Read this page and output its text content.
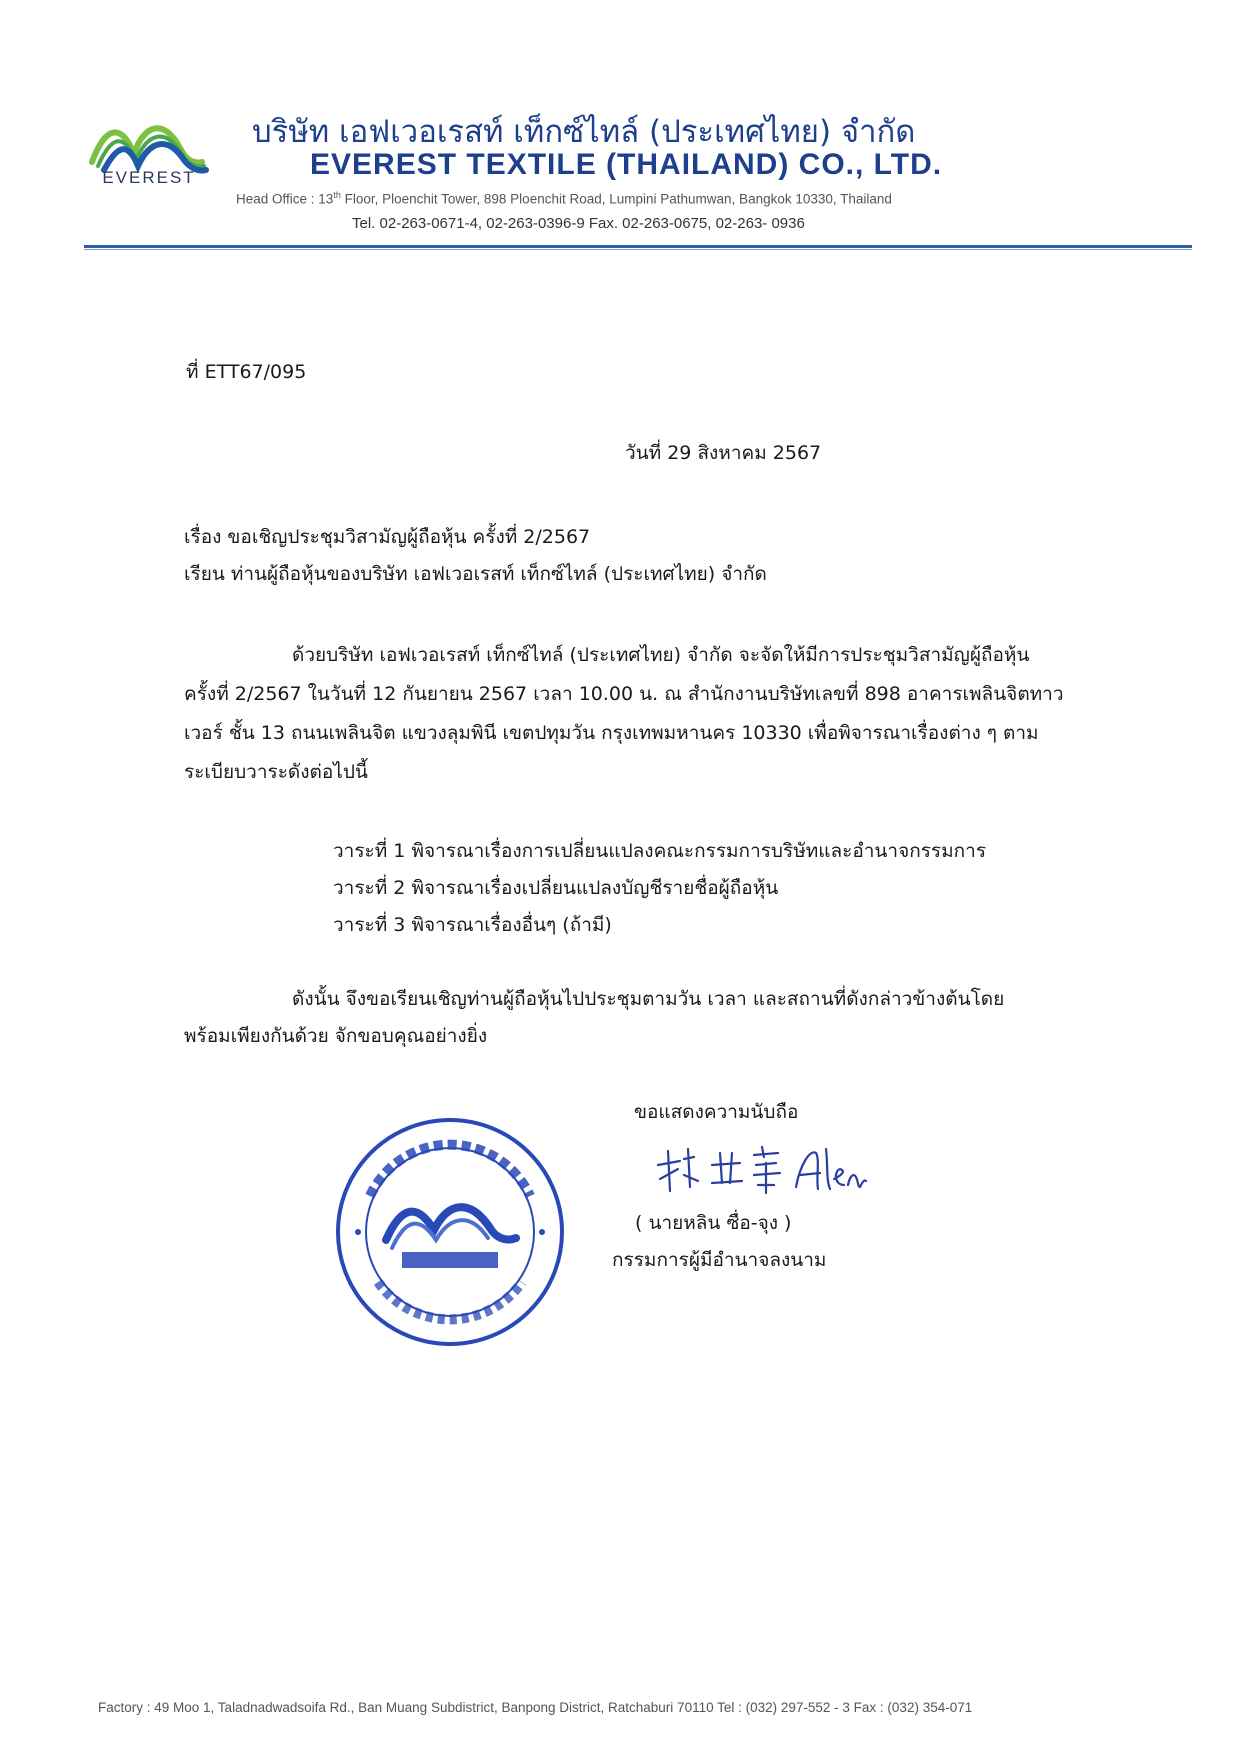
EVEREST
บริษัท เอฟเวอเรสท์ เท็กซ์ไทล์ (ประเทศไทย) จำกัด
EVEREST TEXTILE (THAILAND) CO., LTD.
Head Office : 13th Floor, Ploenchit Tower, 898 Ploenchit Road, Lumpini Pathumwan, Bangkok 10330, Thailand
Tel. 02-263-0671-4, 02-263-0396-9 Fax. 02-263-0675, 02-263- 0936
ที่ ETT67/095
วันที่ 29 สิงหาคม 2567
เรื่อง ขอเชิญประชุมวิสามัญผู้ถือหุ้น ครั้งที่ 2/2567
เรียน ท่านผู้ถือหุ้นของบริษัท เอฟเวอเรสท์ เท็กซ์ไทล์ (ประเทศไทย) จำกัด
ด้วยบริษัท เอฟเวอเรสท์ เท็กซ์ไทล์ (ประเทศไทย) จำกัด จะจัดให้มีการประชุมวิสามัญผู้ถือหุ้น
ครั้งที่ 2/2567 ในวันที่ 12 กันยายน 2567 เวลา 10.00 น. ณ สำนักงานบริษัทเลขที่ 898 อาคารเพลินจิตทาว
เวอร์ ชั้น 13 ถนนเพลินจิต แขวงลุมพินี เขตปทุมวัน กรุงเทพมหานคร 10330 เพื่อพิจารณาเรื่องต่าง ๆ ตาม
ระเบียบวาระดังต่อไปนี้
วาระที่ 1 พิจารณาเรื่องการเปลี่ยนแปลงคณะกรรมการบริษัทและอำนาจกรรมการ
วาระที่ 2 พิจารณาเรื่องเปลี่ยนแปลงบัญชีรายชื่อผู้ถือหุ้น
วาระที่ 3 พิจารณาเรื่องอื่นๆ (ถ้ามี)
ดังนั้น จึงขอเรียนเชิญท่านผู้ถือหุ้นไปประชุมตามวัน เวลา และสถานที่ดังกล่าวข้างต้นโดย
พร้อมเพียงกันด้วย จักขอบคุณอย่างยิ่ง
ขอแสดงความนับถือ
( นายหลิน ซื่อ-จุง )
กรรมการผู้มีอำนาจลงนาม
Factory : 49 Moo 1, Taladnadwadsoifa Rd., Ban Muang Subdistrict, Banpong District, Ratchaburi 70110 Tel : (032) 297-552 - 3 Fax : (032) 354-071
